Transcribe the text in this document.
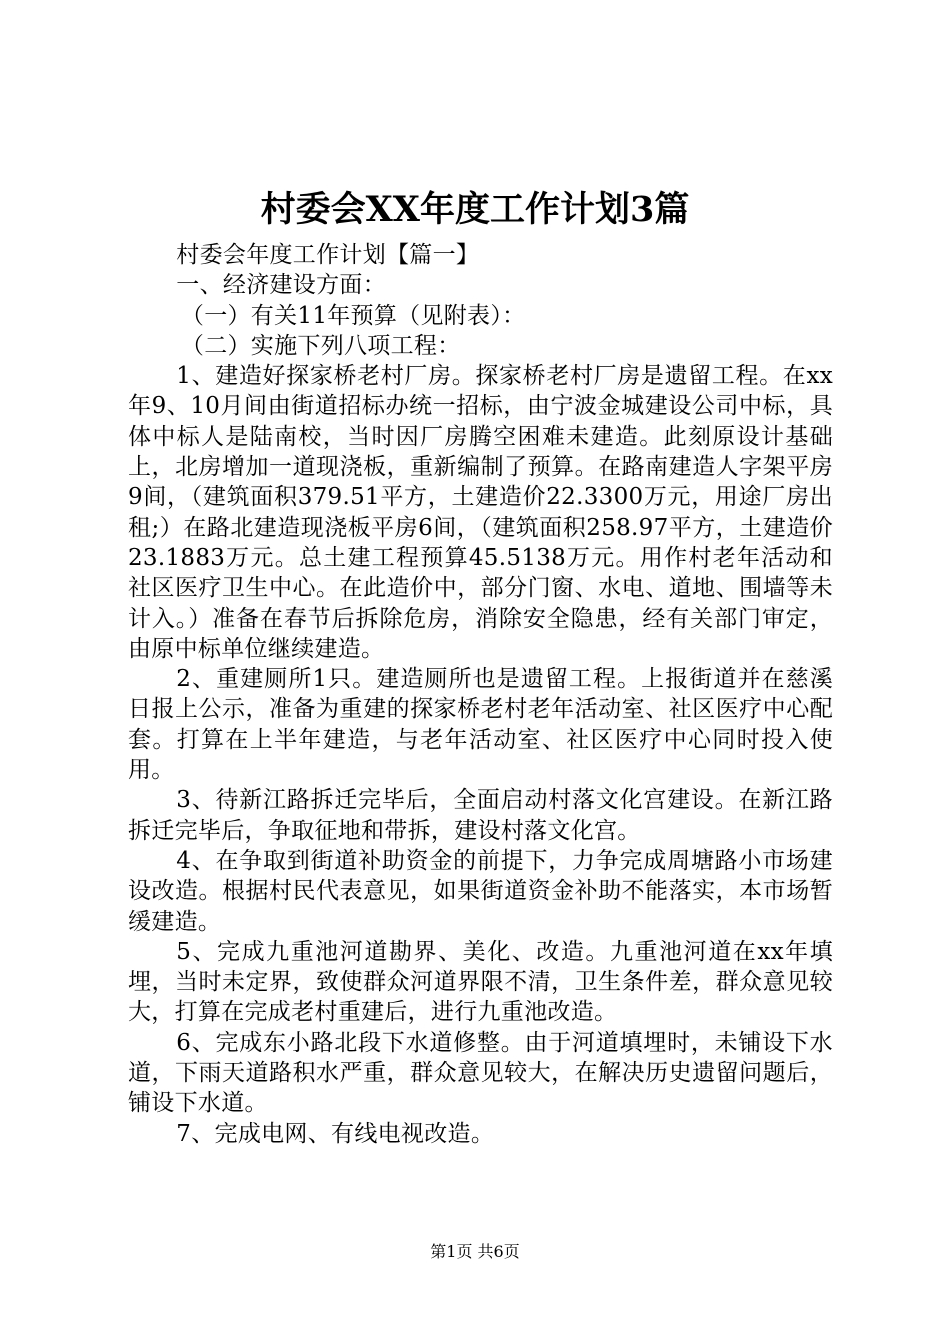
村委会XX年度工作计划3篇

村委会年度工作计划【篇一】

一、经济建设方面：

（一）有关11年预算（见附表）：

（二）实施下列八项工程：

1、建造好探家桥老村厂房。探家桥老村厂房是遗留工程。在xx年9、10月间由街道招标办统一招标，由宁波金城建设公司中标，具体中标人是陆南校，当时因厂房腾空困难未建造。此刻原设计基础上，北房增加一道现浇板，重新编制了预算。在路南建造人字架平房9间，（建筑面积379.51平方，土建造价22.3300万元，用途厂房出租;）在路北建造现浇板平房6间，（建筑面积258.97平方，土建造价23.1883万元。总土建工程预算45.5138万元。用作村老年活动和社区医疗卫生中心。在此造价中，部分门窗、水电、道地、围墙等未计入。）准备在春节后拆除危房，消除安全隐患，经有关部门审定，由原中标单位继续建造。

2、重建厕所1只。建造厕所也是遗留工程。上报街道并在慈溪日报上公示，准备为重建的探家桥老村老年活动室、社区医疗中心配套。打算在上半年建造，与老年活动室、社区医疗中心同时投入使用。

3、待新江路拆迁完毕后，全面启动村落文化宫建设。在新江路拆迁完毕后，争取征地和带拆，建设村落文化宫。

4、在争取到街道补助资金的前提下，力争完成周塘路小市场建设改造。根据村民代表意见，如果街道资金补助不能落实，本市场暂缓建造。

5、完成九重池河道勘界、美化、改造。九重池河道在xx年填埋，当时未定界，致使群众河道界限不清，卫生条件差，群众意见较大，打算在完成老村重建后，进行九重池改造。

6、完成东小路北段下水道修整。由于河道填埋时，未铺设下水道，下雨天道路积水严重，群众意见较大，在解决历史遗留问题后，铺设下水道。

7、完成电网、有线电视改造。

第1页 共6页
